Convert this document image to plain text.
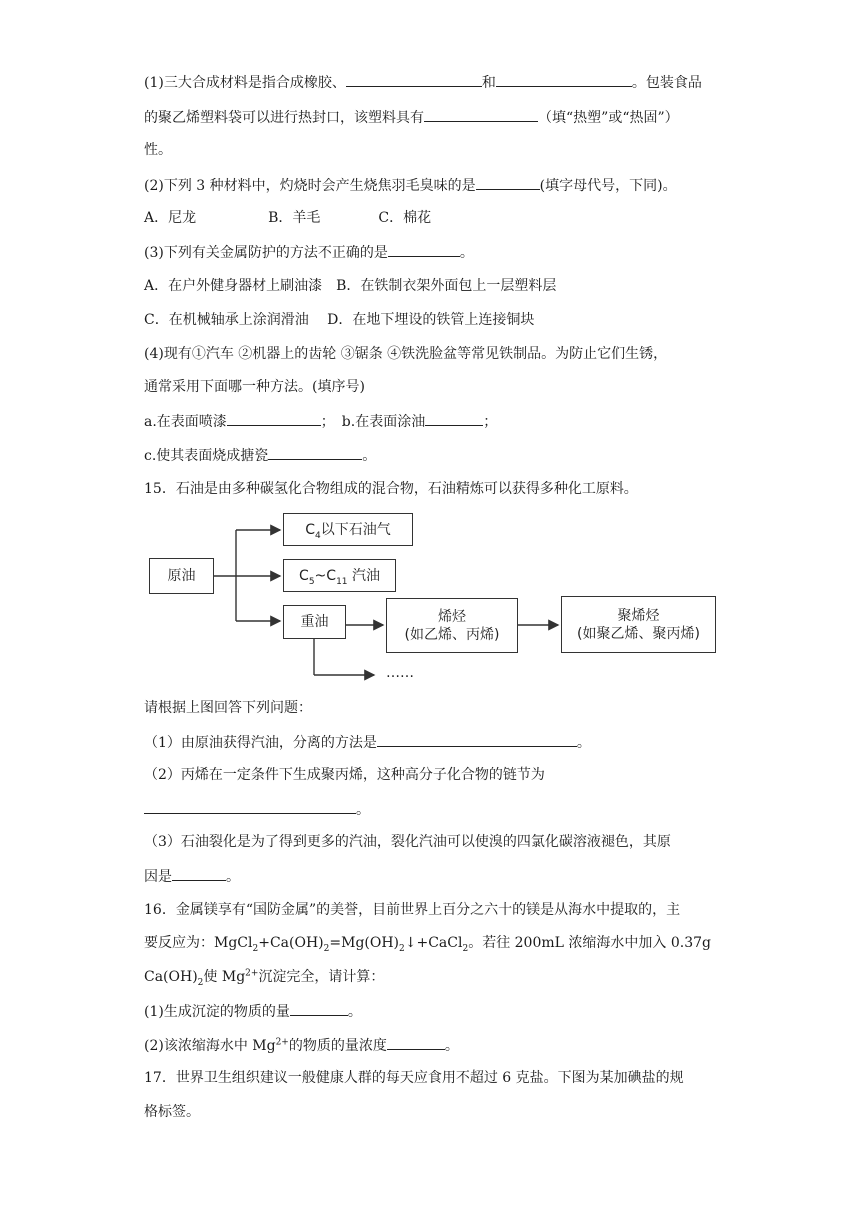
(1)三大合成材料是指合成橡胶、	和	。包装食品
的聚乙烯塑料袋可以进行热封口，该塑料具有	（填“热塑”或“热固”）
性。
(2)下列 3 种材料中，灼烧时会产生烧焦羽毛臭味的是	(填字母代号，下同)。
A．尼龙	B．羊毛	C．棉花
(3)下列有关金属防护的方法不正确的是	。
A．在户外健身器材上刷油漆　B．在铁制衣架外面包上一层塑料层
C．在机械轴承上涂润滑油　 D．在地下埋设的铁管上连接铜块
(4)现有①汽车 ②机器上的齿轮 ③锯条 ④铁洗脸盆等常见铁制品。为防止它们生锈，
通常采用下面哪一种方法。(填序号)
a.在表面喷漆	；　b.在表面涂油	；
c.使其表面烧成搪瓷	。
15．石油是由多种碳氢化合物组成的混合物，石油精炼可以获得多种化工原料。
原油
$C_4$以下石油气
$C_5\sim C_{11}$ 汽油
重油	烯烃
(如乙烯、丙烯)
聚烯烃
(如聚乙烯、聚丙烯)
……
请根据上图回答下列问题：
（1）由原油获得汽油，分离的方法是	。
（2）丙烯在一定条件下生成聚丙烯，这种高分子化合物的链节为
。
（3）石油裂化是为了得到更多的汽油，裂化汽油可以使溴的四氯化碳溶液褪色，其原
因是	。
16．金属镁享有“国防金属”的美誉，目前世界上百分之六十的镁是从海水中提取的，主
要反应为：$MgCl_2+Ca(OH)_2=Mg(OH)_2↓+CaCl_2$。若往 200mL 浓缩海水中加入 0.37g
$Ca(OH)_2$使 $Mg^{2+}$沉淀完全，请计算：
(1)生成沉淀的物质的量	。
(2)该浓缩海水中 $Mg^{2+}$的物质的量浓度	。
17．世界卫生组织建议一般健康人群的每天应食用不超过 6 克盐。下图为某加碘盐的规
格标签。
